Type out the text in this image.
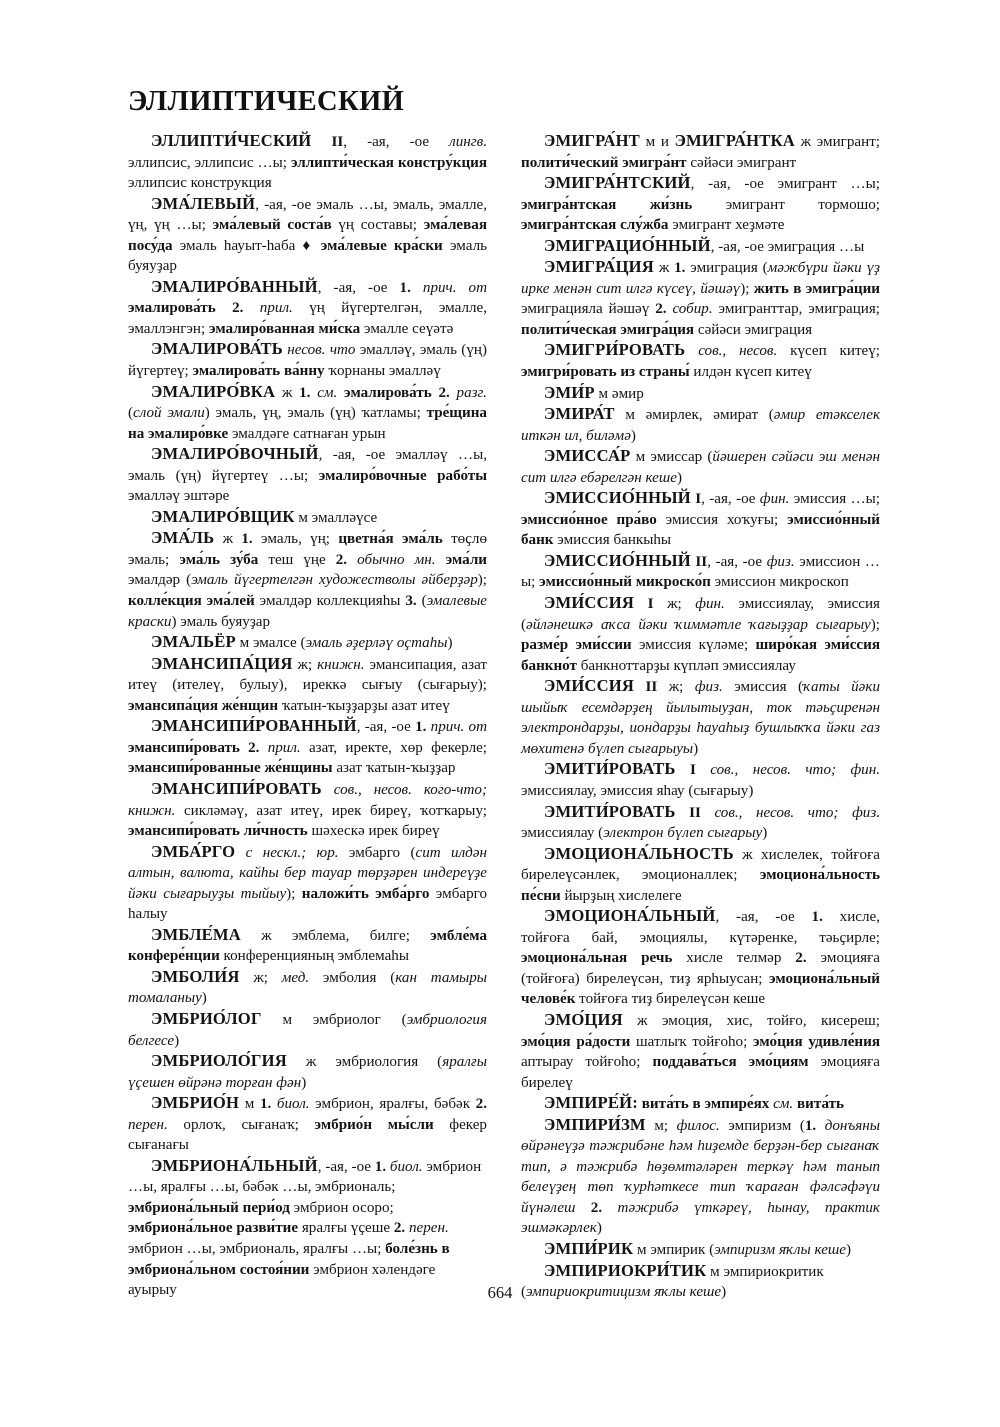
ЭЛЛИПТИЧЕСКИЙ

ЭЛЛИПТИ́ЧЕСКИЙ II, -ая, -ое лингв. эллипсис, эллипсис …ы; эллипти́ческая констру́кция эллипсис конструкция

ЭМА́ЛЕВЫЙ, -ая, -ое эмаль …ы, эмаль, эмалле, үң, үң …ы; эма́левый соста́в үң составы; эма́левая посу́да эмаль hауыт-hаба ♦ эма́левые кра́ски эмаль буяуҙар

ЭМАЛИРО́ВАННЫЙ, -ая, -ое 1. прич. от эмалирова́ть 2. прил. үң йүгертелгән, эмалле, эмаллэнгэн; эмалиро́ванная ми́ска эмалле сеүәтә

ЭМАЛИРОВА́ТЬ несов. что эмалләү, эмаль (үң) йүгертеү; эмалирова́ть ва́нну ҡорнаны эмалләү

ЭМАЛИРО́ВКА ж 1. см. эмалирова́ть 2. разг. (слой эмали) эмаль, үң, эмаль (үң) ҡатламы; тре́щина на эмалиро́вке эмалдәге сатнаған урын

ЭМАЛИРО́ВОЧНЫЙ, -ая, -ое эмалләү …ы, эмаль (үң) йүгертеү …ы; эмалиро́вочные рабо́ты эмалләү эштәре

ЭМАЛИРО́ВЩИК м эмалләүсе

ЭМА́ЛЬ ж 1. эмаль, үң; цветна́я эма́ль төҫлө эмаль; эма́ль зу́ба теш үңе 2. обычно мн. эма́ли эмалдәр (эмаль йүгертелгән художестволы әйберҙәр); колле́кция эма́лей эмалдәр коллекцияhы 3. (эмалевые краски) эмаль буяуҙар

ЭМАЛЬЁР м эмалсе (эмаль әҙерләү оҫтаhы)

ЭМАНСИПА́ЦИЯ ж; книжн. эмансипация, азат итеү (ителеү, булыу), иреккә сығыу (сығарыу); эмансипа́ция же́нщин ҡатын-ҡыҙҙарҙы азат итеү

ЭМАНСИПИ́РОВАННЫЙ, -ая, -ое 1. прич. от эмансипи́ровать 2. прил. азат, иректе, хөр фекерле; эмансипи́рованные же́нщины азат ҡатын-ҡыҙҙар

ЭМАНСИПИ́РОВАТЬ сов., несов. кого-что; книжн. сикләмәү, азат итеү, ирек биреү, ҡотҡарыу; эмансипи́ровать ли́чность шәхескә ирек биреү

ЭМБА́РГО с нескл.; юр. эмбарго (сит илдән алтын, валюта, кайhы бер тауар төрҙәрен индереүҙе йәки сығарыуҙы тыйыу); наложи́ть эмба́рго эмбарго hалыу

ЭМБЛЕ́МА ж эмблема, билге; эмбле́ма конфере́нции конференцияның эмблемаhы

ЭМБОЛИ́Я ж; мед. эмболия (кан тамыры томаланыу)

ЭМБРИО́ЛОГ м эмбриолог (эмбриология белгесе)

ЭМБРИОЛО́ГИЯ ж эмбриология (яралғы үҫешен өйрәнә торған фән)

ЭМБРИО́Н м 1. биол. эмбрион, яралғы, бәбәк 2. перен. орлоҡ, сығанаҡ; эмбрио́н мы́сли фекер сығанағы

ЭМБРИОНА́ЛЬНЫЙ, -ая, -ое 1. биол. эмбрион …ы, яралғы …ы, бәбәк …ы, эмбриональ; эмбриона́льный пери́од эмбрион осоро; эмбриона́льное разви́тие яралғы үҫеше 2. перен. эмбрион …ы, эмбриональ, яралғы …ы; боле́знь в эмбриона́льном состоя́нии эмбрион хәлендәге ауырыу

ЭМИГРА́НТ м и ЭМИГРА́НТКА ж эмигрант; полити́ческий эмигра́нт сәйәси эмигрант

ЭМИГРА́НТСКИЙ, -ая, -ое эмигрант …ы; эмигра́нтская жи́знь эмигрант тормошо; эмигра́нтская слу́жба эмигрант хеҙмәте

ЭМИГРАЦИО́ННЫЙ, -ая, -ое эмиграция …ы

ЭМИГРА́ЦИЯ ж 1. эмиграция (мәжбүри йәки үҙ ирке менән сит илгә күсеү, йәшәү); жить в эмигра́ции эмиграцияла йәшәү 2. собир. эмигранттар, эмиграция; полити́ческая эмигра́ция сәйәси эмиграция

ЭМИГРИ́РОВАТЬ сов., несов. күсеп китеү; эмигри́ровать из страны́ илдән күсеп китеү

ЭМИ́Р м әмир

ЭМИРА́Т м әмирлек, әмират (әмир етәкселек иткән ил, биләмә)

ЭМИССА́Р м эмиссар (йәшерен сәйәси эш менән сит илгә ебәрелгән кеше)

ЭМИССИО́ННЫЙ I, -ая, -ое фин. эмиссия …ы; эмиссио́нное пра́во эмиссия хоҡуғы; эмиссио́нный банк эмиссия банкыhы

ЭМИССИО́ННЫЙ II, -ая, -ое физ. эмиссион …ы; эмиссио́нный микроско́п эмиссион микроскоп

ЭМИ́ССИЯ I ж; фин. эмиссиялау, эмиссия (әйләнешкә аҡса йәки ҡиммәтле ҡағыҙҙар сығарыу); разме́р эми́ссии эмиссия күләме; широ́кая эми́ссия банкно́т банкноттарҙы күпләп эмиссиялау

ЭМИ́ССИЯ II ж; физ. эмиссия (ҡаты йәки шыйыҡ есемдәрҙең йылытыуҙан, ток тәьҫиренән электрондарҙы, иондарҙы hауаhыҙ бушлыҡҡа йәки газ мөхитенә бүлеп сығарыуы)

ЭМИТИ́РОВАТЬ I сов., несов. что; фин. эмиссиялау, эмиссия яhау (сығарыу)

ЭМИТИ́РОВАТЬ II сов., несов. что; физ. эмиссиялау (электрон бүлеп сығарыу)

ЭМОЦИОНА́ЛЬНОСТЬ ж хислелек, тойғоға бирелеүсәнлек, эмоционаллек; эмоциона́льность пе́сни йырҙың хислелеге

ЭМОЦИОНА́ЛЬНЫЙ, -ая, -ое 1. хисле, тойғоға бай, эмоциялы, күтәренке, тәьҫирле; эмоциона́льная речь хисле телмәр 2. эмоцияға (тойғоға) бирелеүсән, тиҙ ярhыусан; эмоциона́льный челове́к тойғоға тиҙ бирелеүсән кеше

ЭМО́ЦИЯ ж эмоция, хис, тойғо, кисереш; эмо́ция ра́дости шатлыҡ тойғоhо; эмо́ция удивле́ния аптырау тойғоhо; поддава́ться эмо́циям эмоцияға бирелеү

ЭМПИРЕ́Й: вита́ть в эмпире́ях см. вита́ть

ЭМПИРИ́ЗМ м; филос. эмпиризм (1. донъяны өйрәнеүҙә тәжрибәне hәм hиҙемде берҙән-бер сығанаҡ тип, ә тәжрибә hөҙөмтәләрен теркәү hәм танып белеүҙең төп ҡурhәткесе тип ҡараған фәлсәфәүи йүнәлеш 2. тәжрибә үткәреү, hынау, практик эшмәкәрлек)

ЭМПИ́РИК м эмпирик (эмпиризм яҡлы кеше)

ЭМПИРИОКРИ́ТИК м эмпириокритик (эмпириокритицизм яҡлы кеше)

664
